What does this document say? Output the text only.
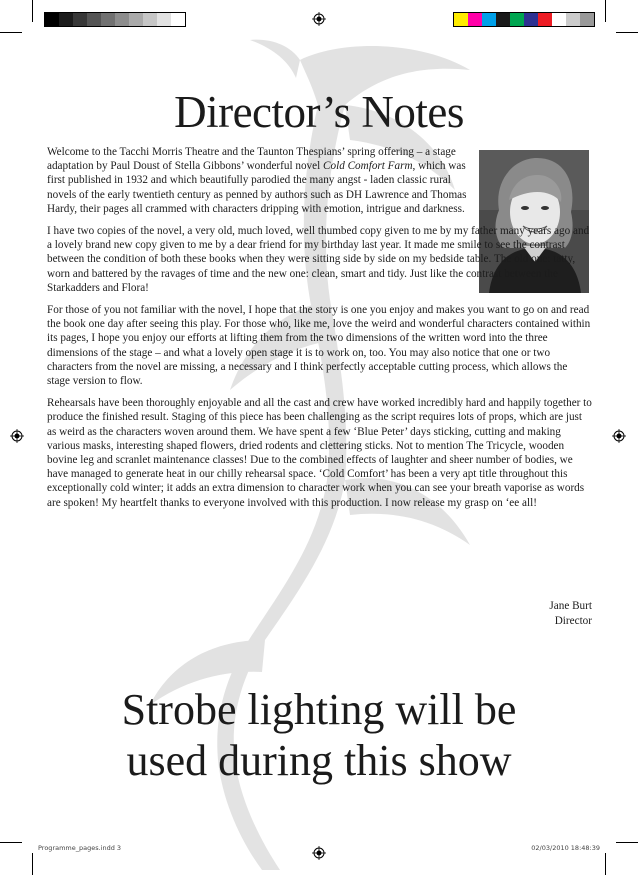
Director’s Notes

Welcome to the Tacchi Morris Theatre and the Taunton Thespians’ spring offering – a stage adaptation by Paul Doust of Stella Gibbons’ wonderful novel Cold Comfort Farm, which was first published in 1932 and which beautifully parodied the many angst - laden classic rural novels of the early twentieth century as penned by authors such as DH Lawrence and Thomas Hardy, their pages all crammed with characters dripping with emotion, intrigue and darkness.

I have two copies of the novel, a very old, much loved, well thumbed copy given to me by my father many years ago and a lovely brand new copy given to me by a dear friend for my birthday last year. It made me smile to see the contrast between the condition of both these books when they were sitting side by side on my bedside table. The old one: tatty, worn and battered by the ravages of time and the new one: clean, smart and tidy. Just like the contrast between the Starkadders and Flora!

For those of you not familiar with the novel, I hope that the story is one you enjoy and makes you want to go on and read the book one day after seeing this play. For those who, like me, love the weird and wonderful characters contained within its pages, I hope you enjoy our efforts at lifting them from the two dimensions of the written word into the three dimensions of the stage – and what a lovely open stage it is to work on, too. You may also notice that one or two characters from the novel are missing, a necessary and I think perfectly acceptable cutting process, which allows the stage version to flow.

Rehearsals have been thoroughly enjoyable and all the cast and crew have worked incredibly hard and happily together to produce the finished result. Staging of this piece has been challenging as the script requires lots of props, which are just as weird as the characters woven around them. We have spent a few ‘Blue Peter’ days sticking, cutting and making various masks, interesting shaped flowers, dried rodents and clettering sticks. Not to mention The Tricycle, wooden bovine leg and scranlet maintenance classes! Due to the combined effects of laughter and sheer number of bodies, we have managed to generate heat in our chilly rehearsal space. ‘Cold Comfort’ has been a very apt title throughout this exceptionally cold winter; it adds an extra dimension to character work when you can see your breath vaporise as words are spoken! My heartfelt thanks to everyone involved with this production. I now release my grasp on ‘ee all!

Jane Burt
Director
Strobe lighting will be
used during this show
Programme_pages.indd 3	02/03/2010 18:48:39
